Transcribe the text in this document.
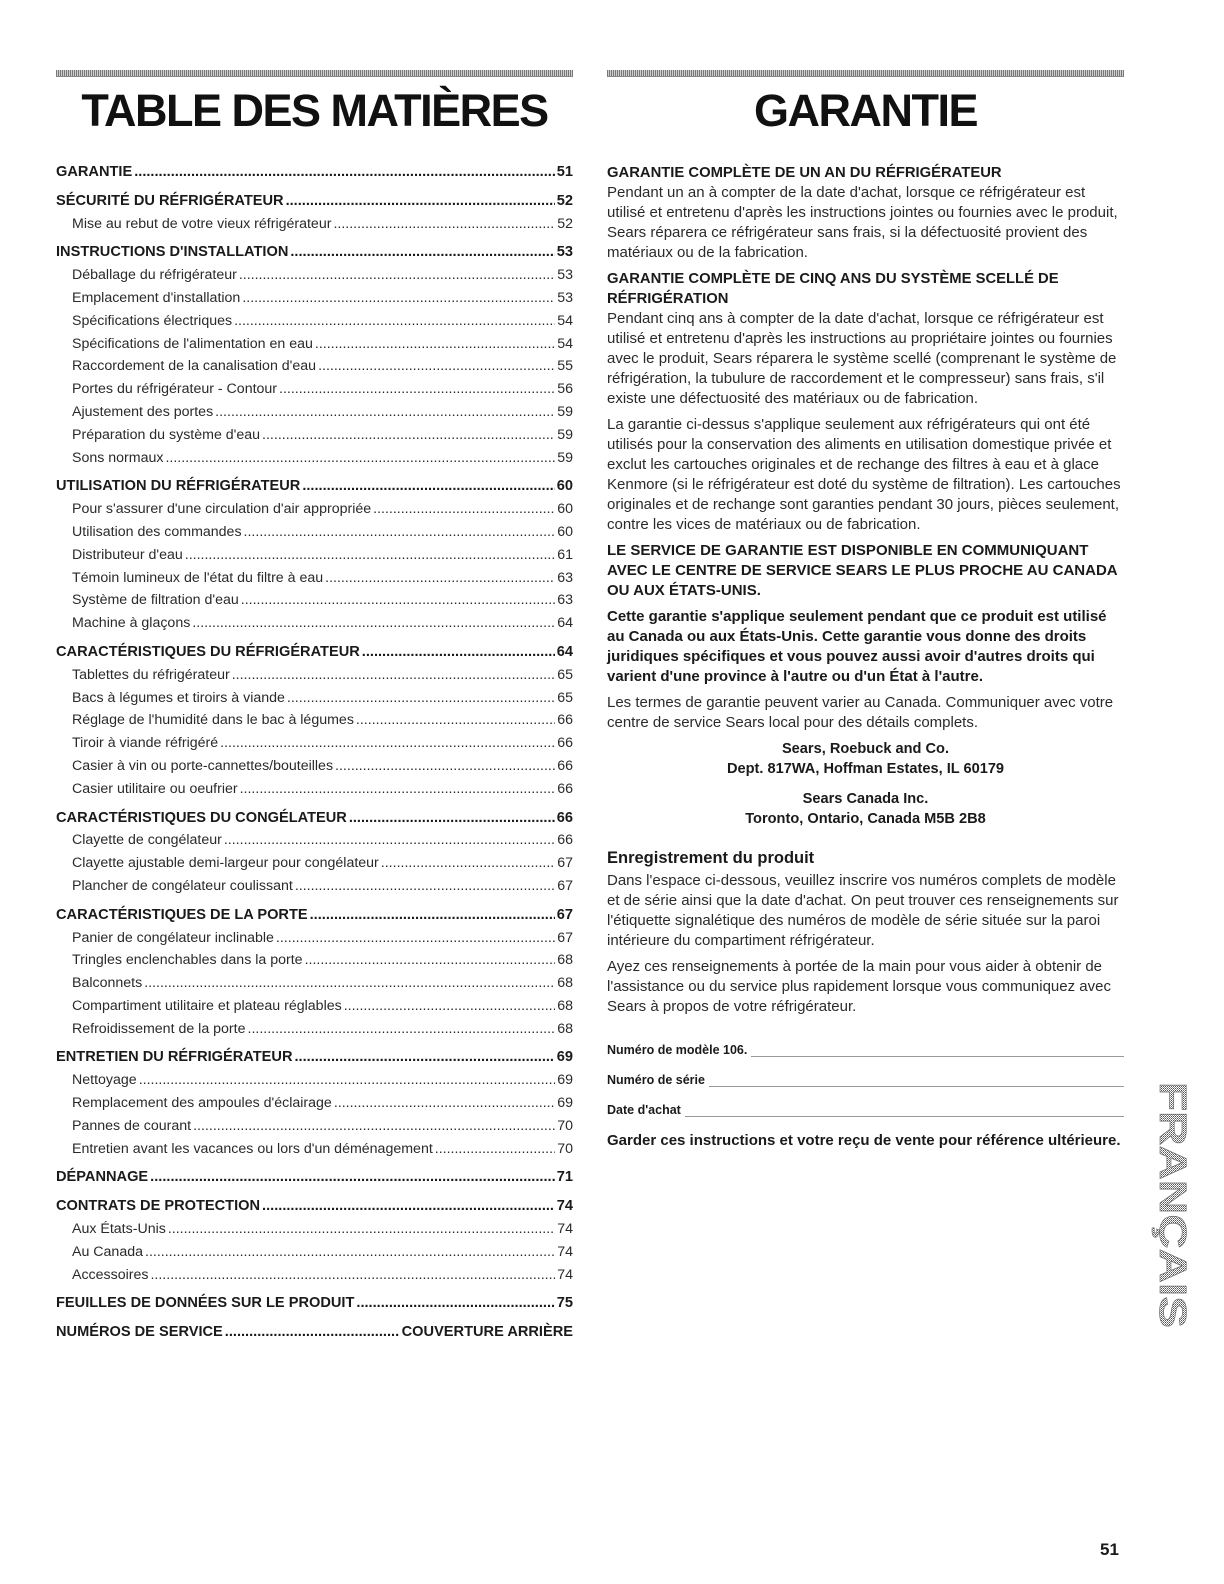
TABLE DES MATIÈRES
GARANTIE .....	51
SÉCURITÉ DU RÉFRIGÉRATEUR .....	52
Mise au rebut de votre vieux réfrigérateur .....	52
INSTRUCTIONS D'INSTALLATION .....	53
Déballage du réfrigérateur .....	53
Emplacement d'installation .....	53
Spécifications électriques .....	54
Spécifications de l'alimentation en eau .....	54
Raccordement de la canalisation d'eau .....	55
Portes du réfrigérateur - Contour .....	56
Ajustement des portes .....	59
Préparation du système d'eau .....	59
Sons normaux .....	59
UTILISATION DU RÉFRIGÉRATEUR .....	60
Pour s'assurer d'une circulation d'air appropriée .....	60
Utilisation des commandes .....	60
Distributeur d'eau .....	61
Témoin lumineux de l'état du filtre à eau .....	63
Système de filtration d'eau .....	63
Machine à glaçons .....	64
CARACTÉRISTIQUES DU RÉFRIGÉRATEUR .....	64
Tablettes du réfrigérateur .....	65
Bacs à légumes et tiroirs à viande .....	65
Réglage de l'humidité dans le bac à légumes .....	66
Tiroir à viande réfrigéré .....	66
Casier à vin ou porte-cannettes/bouteilles .....	66
Casier utilitaire ou oeufrier .....	66
CARACTÉRISTIQUES DU CONGÉLATEUR .....	66
Clayette de congélateur .....	66
Clayette ajustable demi-largeur pour congélateur .....	67
Plancher de congélateur coulissant .....	67
CARACTÉRISTIQUES DE LA PORTE .....	67
Panier de congélateur inclinable .....	67
Tringles enclenchables dans la porte .....	68
Balconnets .....	68
Compartiment utilitaire et plateau réglables .....	68
Refroidissement de la porte .....	68
ENTRETIEN DU RÉFRIGÉRATEUR .....	69
Nettoyage .....	69
Remplacement des ampoules d'éclairage .....	69
Pannes de courant .....	70
Entretien avant les vacances ou lors d'un déménagement .....	70
DÉPANNAGE .....	71
CONTRATS DE PROTECTION .....	74
Aux États-Unis .....	74
Au Canada .....	74
Accessoires .....	74
FEUILLES DE DONNÉES SUR LE PRODUIT .....	75
NUMÉROS DE SERVICE .....	COUVERTURE ARRIÈRE
GARANTIE

GARANTIE COMPLÈTE DE UN AN DU RÉFRIGÉRATEUR

Pendant un an à compter de la date d'achat, lorsque ce réfrigérateur est utilisé et entretenu d'après les instructions jointes ou fournies avec le produit, Sears réparera ce réfrigérateur sans frais, si la défectuosité provient des matériaux ou de la fabrication.

GARANTIE COMPLÈTE DE CINQ ANS DU SYSTÈME SCELLÉ DE RÉFRIGÉRATION

Pendant cinq ans à compter de la date d'achat, lorsque ce réfrigérateur est utilisé et entretenu d'après les instructions au propriétaire jointes ou fournies avec le produit, Sears réparera le système scellé (comprenant le système de réfrigération, la tubulure de raccordement et le compresseur) sans frais, s'il existe une défectuosité des matériaux ou de fabrication.

La garantie ci-dessus s'applique seulement aux réfrigérateurs qui ont été utilisés pour la conservation des aliments en utilisation domestique privée et exclut les cartouches originales et de rechange des filtres à eau et à glace Kenmore (si le réfrigérateur est doté du système de filtration). Les cartouches originales et de rechange sont garanties pendant 30 jours, pièces seulement, contre les vices de matériaux ou de fabrication.

LE SERVICE DE GARANTIE EST DISPONIBLE EN COMMUNIQUANT AVEC LE CENTRE DE SERVICE SEARS LE PLUS PROCHE AU CANADA OU AUX ÉTATS-UNIS.

Cette garantie s'applique seulement pendant que ce produit est utilisé au Canada ou aux États-Unis. Cette garantie vous donne des droits juridiques spécifiques et vous pouvez aussi avoir d'autres droits qui varient d'une province à l'autre ou d'un État à l'autre.

Les termes de garantie peuvent varier au Canada. Communiquer avec votre centre de service Sears local pour des détails complets.

Sears, Roebuck and Co.
Dept. 817WA, Hoffman Estates, IL 60179
Sears Canada Inc.
Toronto, Ontario, Canada M5B 2B8

Enregistrement du produit

Dans l'espace ci-dessous, veuillez inscrire vos numéros complets de modèle et de série ainsi que la date d'achat. On peut trouver ces renseignements sur l'étiquette signalétique des numéros de modèle de série située sur la paroi intérieure du compartiment réfrigérateur.

Ayez ces renseignements à portée de la main pour vous aider à obtenir de l'assistance ou du service plus rapidement lorsque vous communiquez avec Sears à propos de votre réfrigérateur.

Numéro de modèle 106.
Numéro de série
Date d'achat

Garder ces instructions et votre reçu de vente pour référence ultérieure. FRANÇAIS
51
